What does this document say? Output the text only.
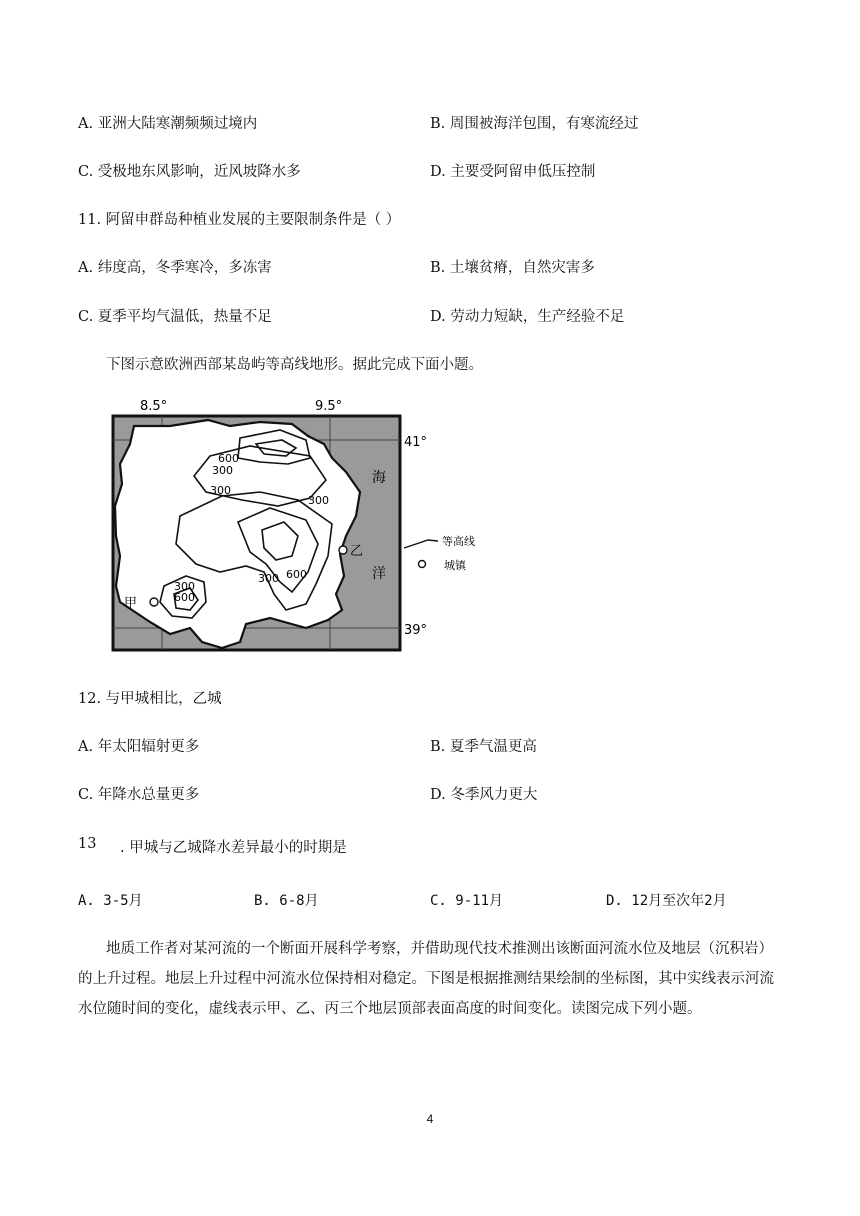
A. 亚洲大陆寒潮频频过境内	B. 周围被海洋包围，有寒流经过
C. 受极地东风影响，近风坡降水多	D. 主要受阿留申低压控制
11. 阿留申群岛种植业发展的主要限制条件是（ ）
A. 纬度高，冬季寒冷，多冻害	B. 土壤贫瘠，自然灾害多
C. 夏季平均气温低，热量不足	D. 劳动力短缺，生产经验不足
下图示意欧洲西部某岛屿等高线地形。据此完成下面小题。
8.5°	9.5°
600
300
300
300
600
300
300
600
甲
乙
海
洋
41°
39°
等高线
城镇
12. 与甲城相比，乙城
A. 年太阳辐射更多	B. 夏季气温更高
C. 年降水总量更多	D. 冬季风力更大
13 . 甲城与乙城降水差异最小的时期是
A. 3-5月	B. 6-8月	C. 9-11月	D. 12月至次年2月
地质工作者对某河流的一个断面开展科学考察，并借助现代技术推测出该断面河流水位及地层（沉积岩）的上升过程。地层上升过程中河流水位保持相对稳定。下图是根据推测结果绘制的坐标图，其中实线表示河流水位随时间的变化，虚线表示甲、乙、丙三个地层顶部表面高度的时间变化。读图完成下列小题。
4
